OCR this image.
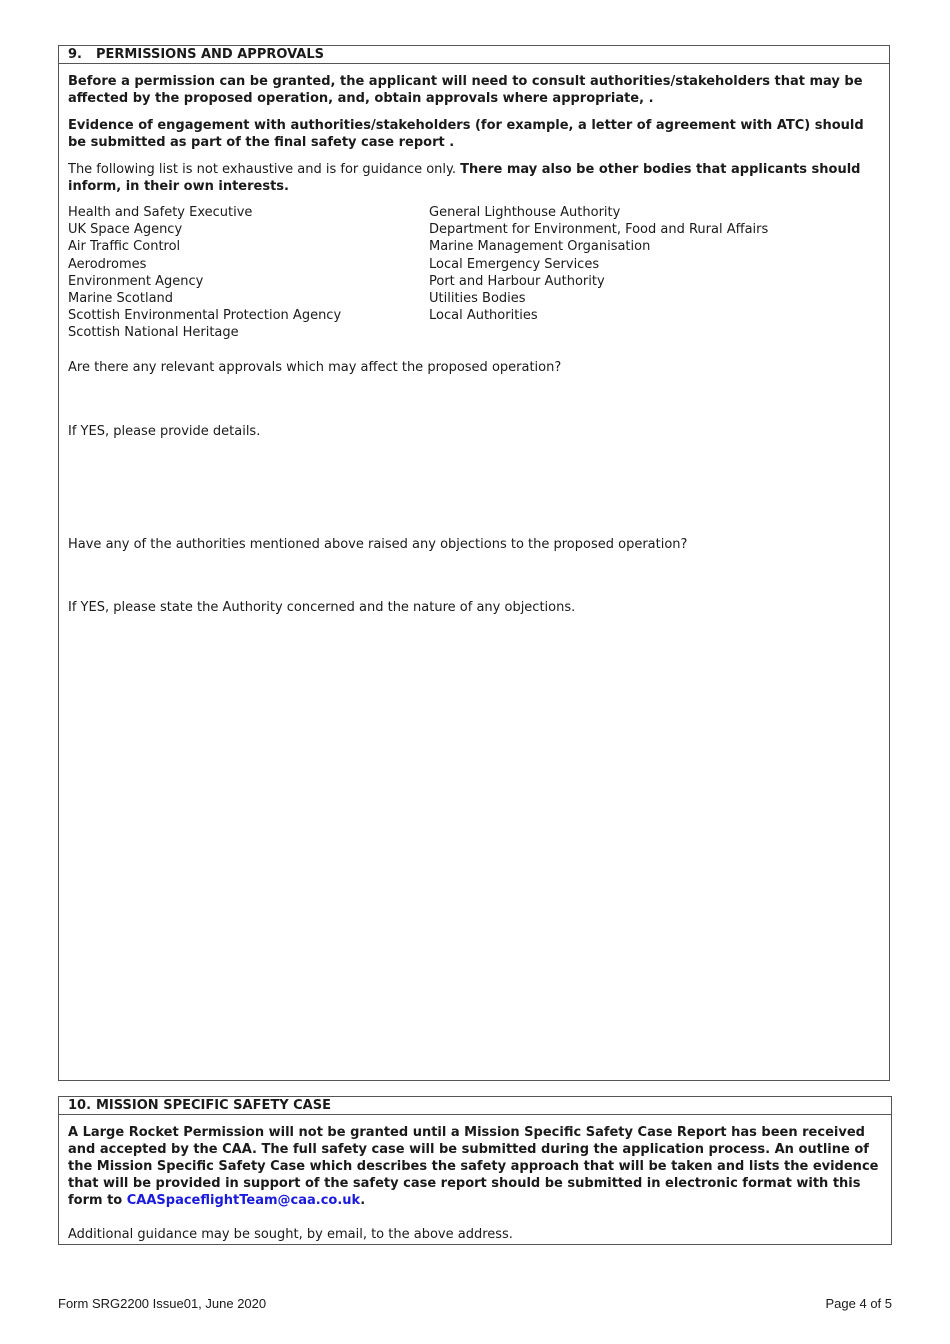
9. PERMISSIONS AND APPROVALS
Before a permission can be granted, the applicant will need to consult authorities/stakeholders that may be affected by the proposed operation, and, obtain approvals where appropriate, .
Evidence of engagement with authorities/stakeholders (for example, a letter of agreement with ATC) should be submitted as part of the final safety case report .
The following list is not exhaustive and is for guidance only. There may also be other bodies that applicants should inform, in their own interests.
Health and Safety Executive
UK Space Agency
Air Traffic Control
Aerodromes
Environment Agency
Marine Scotland
Scottish Environmental Protection Agency
Scottish National Heritage
General Lighthouse Authority
Department for Environment, Food and Rural Affairs
Marine Management Organisation
Local Emergency Services
Port and Harbour Authority
Utilities Bodies
Local Authorities
Are there any relevant approvals which may affect the proposed operation?
If YES, please provide details.
Have any of the authorities mentioned above raised any objections to the proposed operation?
If YES, please state the Authority concerned and the nature of any objections.
10. MISSION SPECIFIC SAFETY CASE
A Large Rocket Permission will not be granted until a Mission Specific Safety Case Report has been received and accepted by the CAA. The full safety case will be submitted during the application process. An outline of the Mission Specific Safety Case which describes the safety approach that will be taken and lists the evidence that will be provided in support of the safety case report should be submitted in electronic format with this form to CAASpaceflightTeam@caa.co.uk.
Additional guidance may be sought, by email, to the above address.
Form SRG2200 Issue01, June 2020	Page 4 of 5
